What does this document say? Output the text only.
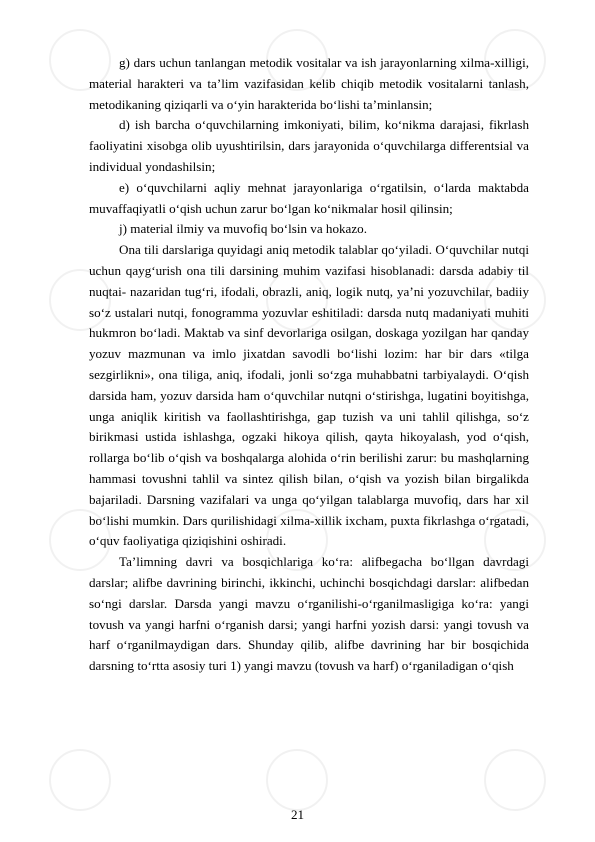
g) dars uchun tanlangan metodik vositalar va ish jarayonlarning xilma-xilligi, material harakteri va ta’lim vazifasidan kelib chiqib metodik vositalarni tanlash, metodikaning qiziqarli va o‘yin harakterida bo‘lishi ta’minlansin;

d) ish barcha o‘quvchilarning imkoniyati, bilim, ko‘nikma darajasi, fikrlash faoliyatini xisobga olib uyushtirilsin, dars jarayonida o‘quvchilarga differentsial va individual yondashilsin;

e) o‘quvchilarni aqliy mehnat jarayonlariga o‘rgatilsin, o‘larda maktabda muvaffaqiyatli o‘qish uchun zarur bo‘lgan ko‘nikmalar hosil qilinsin;

j) material ilmiy va muvofiq bo‘lsin va hokazo.

Ona tili darslariga quyidagi aniq metodik talablar qo‘yiladi. O‘quvchilar nutqi uchun qayg‘urish ona tili darsining muhim vazifasi hisoblanadi: darsda adabiy til nuqtai- nazaridan tug‘ri, ifodali, obrazli, aniq, logik nutq, ya’ni yozuvchilar, badiiy so‘z ustalari nutqi, fonogramma yozuvlar eshitiladi: darsda nutq madaniyati muhiti hukmron bo‘ladi. Maktab va sinf devorlariga osilgan, doskaga yozilgan har qanday yozuv mazmunan va imlo jixatdan savodli bo‘lishi lozim: har bir dars «tilga sezgirlikni», ona tiliga, aniq, ifodali, jonli so‘zga muhabbatni tarbiyalaydi. O‘qish darsida ham, yozuv darsida ham o‘quvchilar nutqni o‘stirishga, lugatini boyitishga, unga aniqlik kiritish va faollashtirishga, gap tuzish va uni tahlil qilishga, so‘z birikmasi ustida ishlashga, ogzaki hikoya qilish, qayta hikoyalash, yod o‘qish, rollarga bo‘lib o‘qish va boshqalarga alohida o‘rin berilishi zarur: bu mashqlarning hammasi tovushni tahlil va sintez qilish bilan, o‘qish va yozish bilan birgalikda bajariladi. Darsning vazifalari va unga qo‘yilgan talablarga muvofiq, dars har xil bo‘lishi mumkin. Dars qurilishidagi xilma-xillik ixcham, puxta fikrlashga o‘rgatadi, o‘quv faoliyatiga qiziqishini oshiradi.

Ta’limning davri va bosqichlariga ko‘ra: alifbegacha bo‘llgan davrdagi darslar; alifbe davrining birinchi, ikkinchi, uchinchi bosqichdagi darslar: alifbedan so‘ngi darslar. Darsda yangi mavzu o‘rganilishi-o‘rganilmasligiga ko‘ra: yangi tovush va yangi harfni o‘rganish darsi; yangi harfni yozish darsi: yangi tovush va harf o‘rganilmaydigan dars. Shunday qilib, alifbe davrining har bir bosqichida darsning to‘rtta asosiy turi 1) yangi mavzu (tovush va harf) o‘rganiladigan o‘qish

21
